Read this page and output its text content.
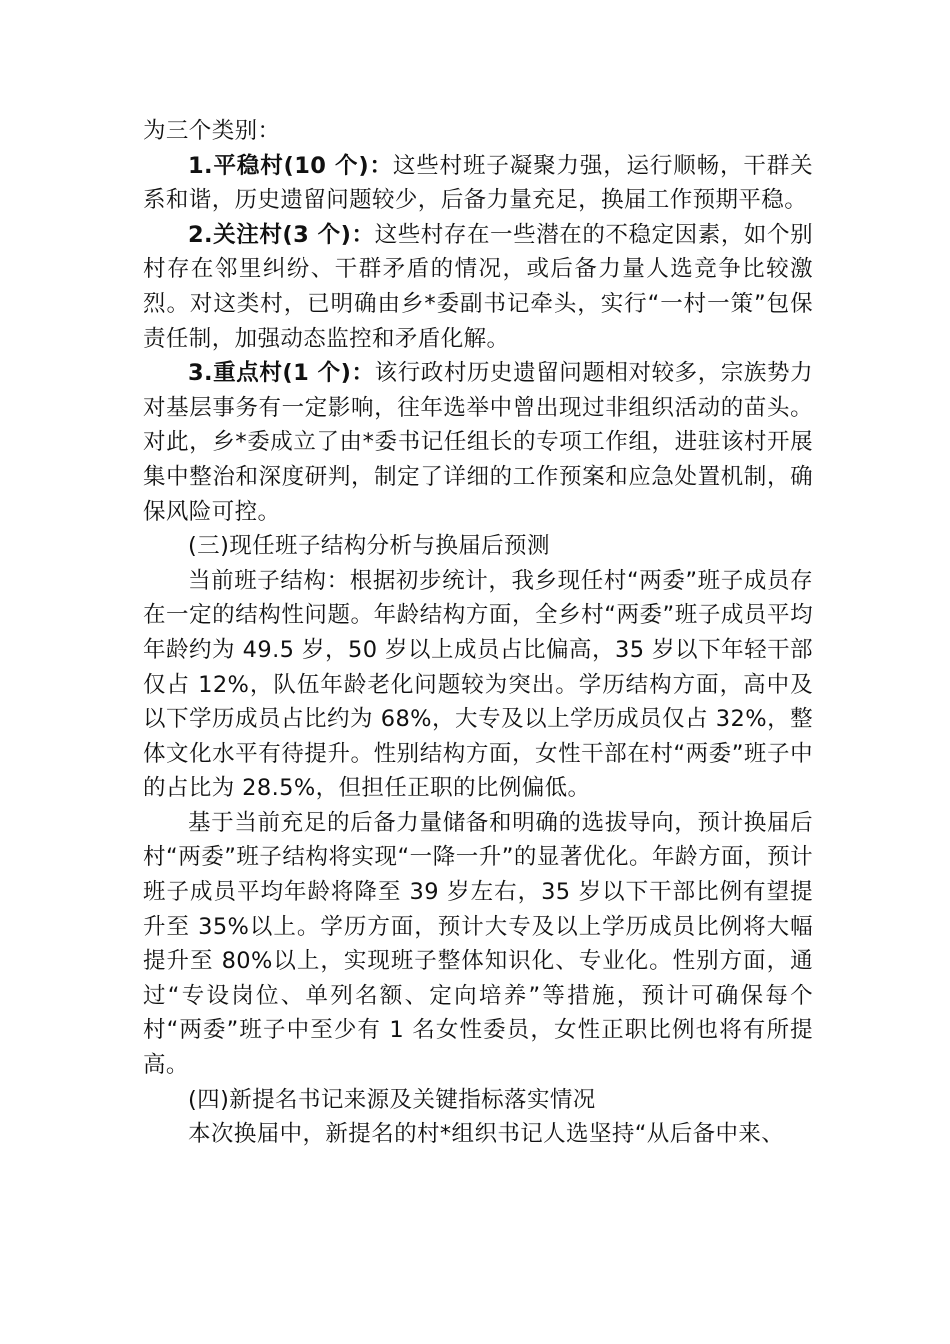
为三个类别：

1.平稳村(10 个)：这些村班子凝聚力强，运行顺畅，干群关系和谐，历史遗留问题较少，后备力量充足，换届工作预期平稳。

2.关注村(3 个)：这些村存在一些潜在的不稳定因素，如个别村存在邻里纠纷、干群矛盾的情况，或后备力量人选竞争比较激烈。对这类村，已明确由乡*委副书记牵头，实行“一村一策”包保责任制，加强动态监控和矛盾化解。

3.重点村(1 个)：该行政村历史遗留问题相对较多，宗族势力对基层事务有一定影响，往年选举中曾出现过非组织活动的苗头。对此，乡*委成立了由*委书记任组长的专项工作组，进驻该村开展集中整治和深度研判，制定了详细的工作预案和应急处置机制，确保风险可控。

(三)现任班子结构分析与换届后预测

当前班子结构：根据初步统计，我乡现任村“两委”班子成员存在一定的结构性问题。年龄结构方面，全乡村“两委”班子成员平均年龄约为 49.5 岁，50 岁以上成员占比偏高，35 岁以下年轻干部仅占 12%，队伍年龄老化问题较为突出。学历结构方面，高中及以下学历成员占比约为 68%，大专及以上学历成员仅占 32%，整体文化水平有待提升。性别结构方面，女性干部在村“两委”班子中的占比为 28.5%，但担任正职的比例偏低。

基于当前充足的后备力量储备和明确的选拔导向，预计换届后村“两委”班子结构将实现“一降一升”的显著优化。年龄方面，预计班子成员平均年龄将降至 39 岁左右，35 岁以下干部比例有望提升至 35%以上。学历方面，预计大专及以上学历成员比例将大幅提升至 80%以上，实现班子整体知识化、专业化。性别方面，通过“专设岗位、单列名额、定向培养”等措施，预计可确保每个村“两委”班子中至少有 1 名女性委员，女性正职比例也将有所提高。

(四)新提名书记来源及关键指标落实情况

本次换届中，新提名的村*组织书记人选坚持“从后备中来、
